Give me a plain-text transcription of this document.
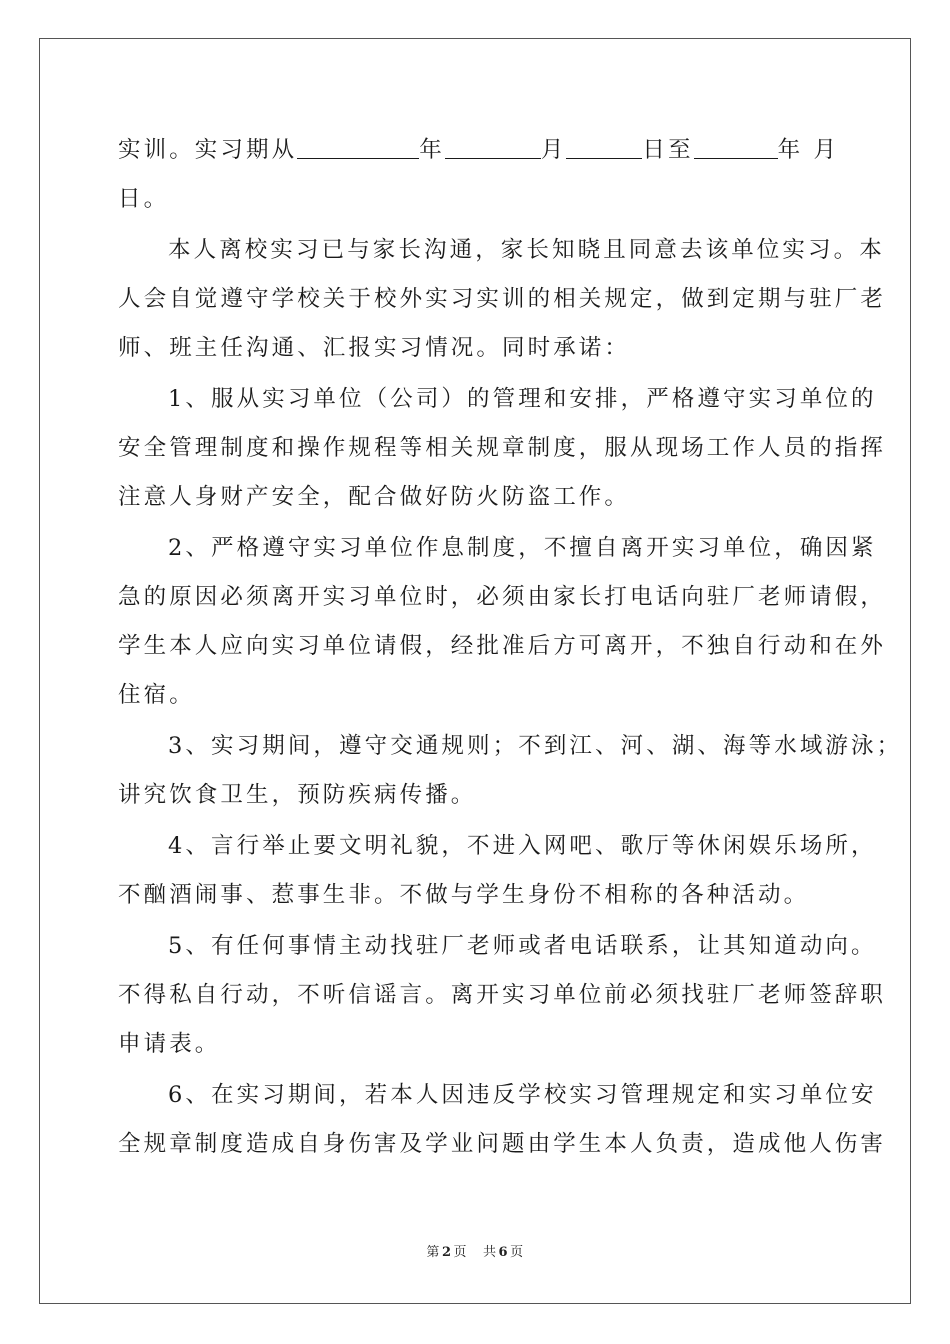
实训。实习期从	年	月	日至	年 月
日。
本人离校实习已与家长沟通，家长知晓且同意去该单位实习。本
人会自觉遵守学校关于校外实习实训的相关规定，做到定期与驻厂老
师、班主任沟通、汇报实习情况。同时承诺：
1、服从实习单位（公司）的管理和安排，严格遵守实习单位的
安全管理制度和操作规程等相关规章制度，服从现场工作人员的指挥
注意人身财产安全，配合做好防火防盗工作。
2、严格遵守实习单位作息制度，不擅自离开实习单位，确因紧
急的原因必须离开实习单位时，必须由家长打电话向驻厂老师请假，
学生本人应向实习单位请假，经批准后方可离开，不独自行动和在外
住宿。
3、实习期间，遵守交通规则；不到江、河、湖、海等水域游泳；
讲究饮食卫生，预防疾病传播。
4、言行举止要文明礼貌，不进入网吧、歌厅等休闲娱乐场所，
不酗酒闹事、惹事生非。不做与学生身份不相称的各种活动。
5、有任何事情主动找驻厂老师或者电话联系，让其知道动向。
不得私自行动，不听信谣言。离开实习单位前必须找驻厂老师签辞职
申请表。
6、在实习期间，若本人因违反学校实习管理规定和实习单位安
全规章制度造成自身伤害及学业问题由学生本人负责，造成他人伤害
第 2 页 共 6 页
